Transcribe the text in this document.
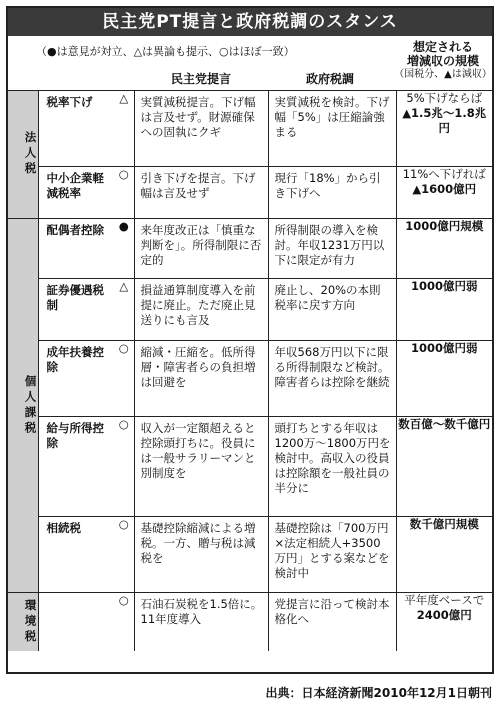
民主党PT提言と政府税調のスタンス
（●は意見が対立、△は異論も提示、○はほぼ一致）
民主党提言	政府税調
想定される
増減収の規模
（国税分、▲は減収）
法人税	税率下げ	△	実質減税提言。下げ幅は言及せず。財源確保への固執にクギ	実質減税を検討。下げ幅「5%」は圧縮論強まる	5%下げならば
▲1.5兆〜1.8兆円
	中小企業軽減税率	○	引き下げを提言。下げ幅は言及せず	現行「18%」から引き下げへ	11%へ下げれば
▲1600億円
個人課税	配偶者控除	●	来年度改正は「慎重な判断を」。所得制限に否定的	所得制限の導入を検討。年収1231万円以下に限定が有力	1000億円規模
	証券優遇税制	△	損益通算制度導入を前提に廃止。ただ廃止見送りにも言及	廃止し、20%の本則税率に戻す方向	1000億円弱
	成年扶養控除	○	縮減・圧縮を。低所得層・障害者らの負担増は回避を	年収568万円以下に限る所得制限など検討。障害者らは控除を継続	1000億円弱
	給与所得控除	○	収入が一定額超えると控除頭打ちに。役員には一般サラリーマンと別制度を	頭打ちとする年収は1200万〜1800万円を検討中。高収入の役員は控除額を一般社員の半分に	数百億〜数千億円
	相続税	○	基礎控除縮減による増税。一方、贈与税は減税を	基礎控除は「700万円×法定相続人+3500万円」とする案などを検討中	数千億円規模
環境税		○	石油石炭税を1.5倍に。11年度導入	党提言に沿って検討本格化へ	平年度ベースで
2400億円
出典：日本経済新聞2010年12月1日朝刊
